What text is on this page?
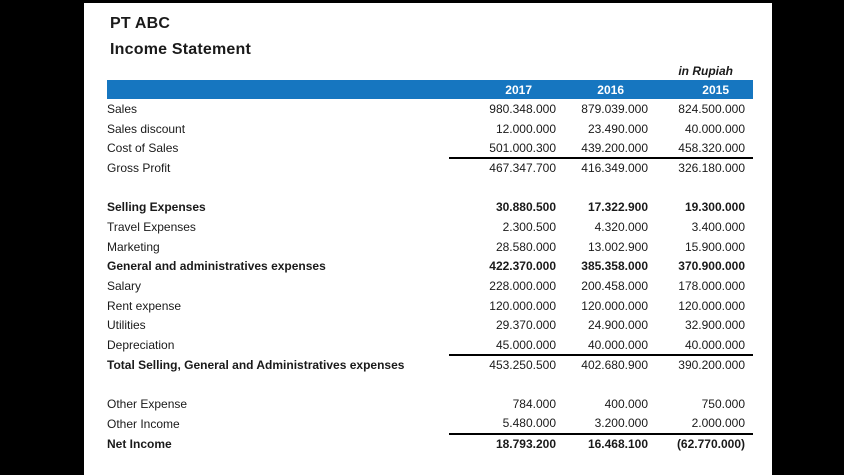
PT ABC
Income Statement
in Rupiah
	2017	2016	2015
Sales	980.348.000	879.039.000	824.500.000
Sales discount	12.000.000	23.490.000	40.000.000
Cost of Sales	501.000.300	439.200.000	458.320.000
Gross Profit	467.347.700	416.349.000	326.180.000

Selling Expenses	30.880.500	17.322.900	19.300.000
Travel Expenses	2.300.500	4.320.000	3.400.000
Marketing	28.580.000	13.002.900	15.900.000
General and administratives expenses	422.370.000	385.358.000	370.900.000
Salary	228.000.000	200.458.000	178.000.000
Rent expense	120.000.000	120.000.000	120.000.000
Utilities	29.370.000	24.900.000	32.900.000
Depreciation	45.000.000	40.000.000	40.000.000
Total Selling, General and Administratives expenses	453.250.500	402.680.900	390.200.000

Other Expense	784.000	400.000	750.000
Other Income	5.480.000	3.200.000	2.000.000
Net Income	18.793.200	16.468.100	(62.770.000)
